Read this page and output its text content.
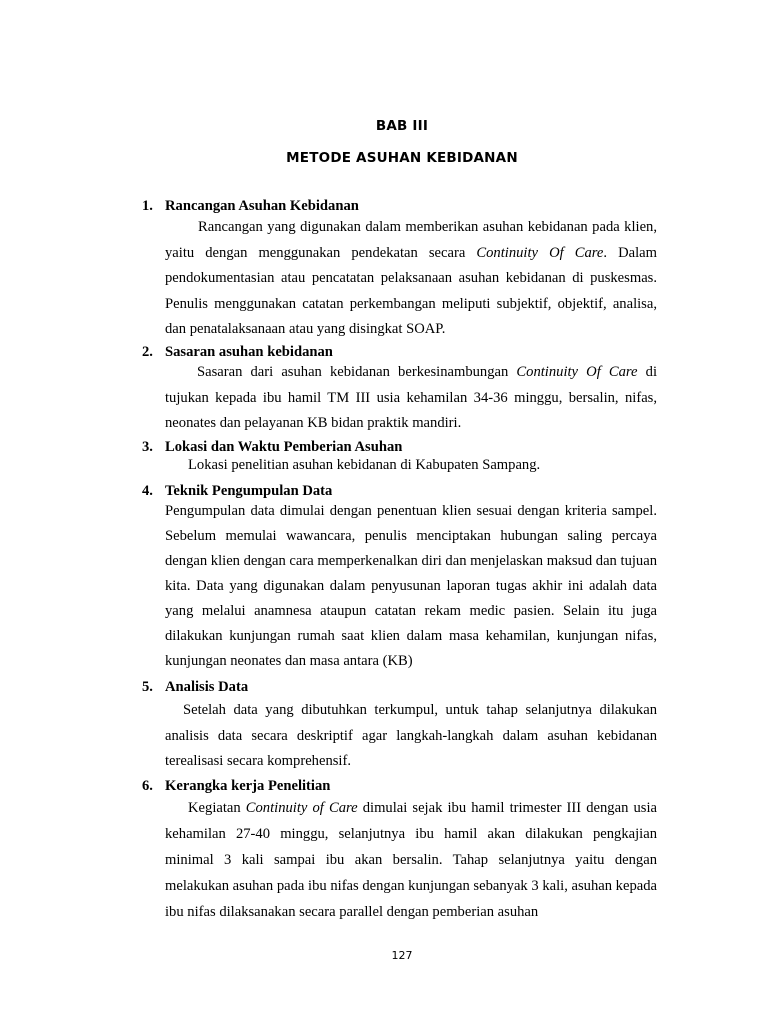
BAB III
METODE ASUHAN KEBIDANAN
1. Rancangan Asuhan Kebidanan

Rancangan yang digunakan dalam memberikan asuhan kebidanan pada klien, yaitu dengan menggunakan pendekatan secara Continuity Of Care. Dalam pendokumentasian atau pencatatan pelaksanaan asuhan kebidanan di puskesmas. Penulis menggunakan catatan perkembangan meliputi subjektif, objektif, analisa, dan penatalaksanaan atau yang disingkat SOAP.

2. Sasaran asuhan kebidanan

Sasaran dari asuhan kebidanan berkesinambungan Continuity Of Care di tujukan kepada ibu hamil TM III usia kehamilan 34-36 minggu, bersalin, nifas, neonates dan pelayanan KB bidan praktik mandiri.

3. Lokasi dan Waktu Pemberian Asuhan

Lokasi penelitian asuhan kebidanan di Kabupaten Sampang.

4. Teknik Pengumpulan Data

Pengumpulan data dimulai dengan penentuan klien sesuai dengan kriteria sampel. Sebelum memulai wawancara, penulis menciptakan hubungan saling percaya dengan klien dengan cara memperkenalkan diri dan menjelaskan maksud dan tujuan kita. Data yang digunakan dalam penyusunan laporan tugas akhir ini adalah data yang melalui anamnesa ataupun catatan rekam medic pasien. Selain itu juga dilakukan kunjungan rumah saat klien dalam masa kehamilan, kunjungan nifas, kunjungan neonates dan masa antara (KB)

5. Analisis Data

Setelah data yang dibutuhkan terkumpul, untuk tahap selanjutnya dilakukan analisis data secara deskriptif agar langkah-langkah dalam asuhan kebidanan terealisasi secara komprehensif.

6. Kerangka kerja Penelitian

Kegiatan Continuity of Care dimulai sejak ibu hamil trimester III dengan usia kehamilan 27-40 minggu, selanjutnya ibu hamil akan dilakukan pengkajian minimal 3 kali sampai ibu akan bersalin. Tahap selanjutnya yaitu dengan melakukan asuhan pada ibu nifas dengan kunjungan sebanyak 3 kali, asuhan kepada ibu nifas dilaksanakan secara parallel dengan pemberian asuhan

127
